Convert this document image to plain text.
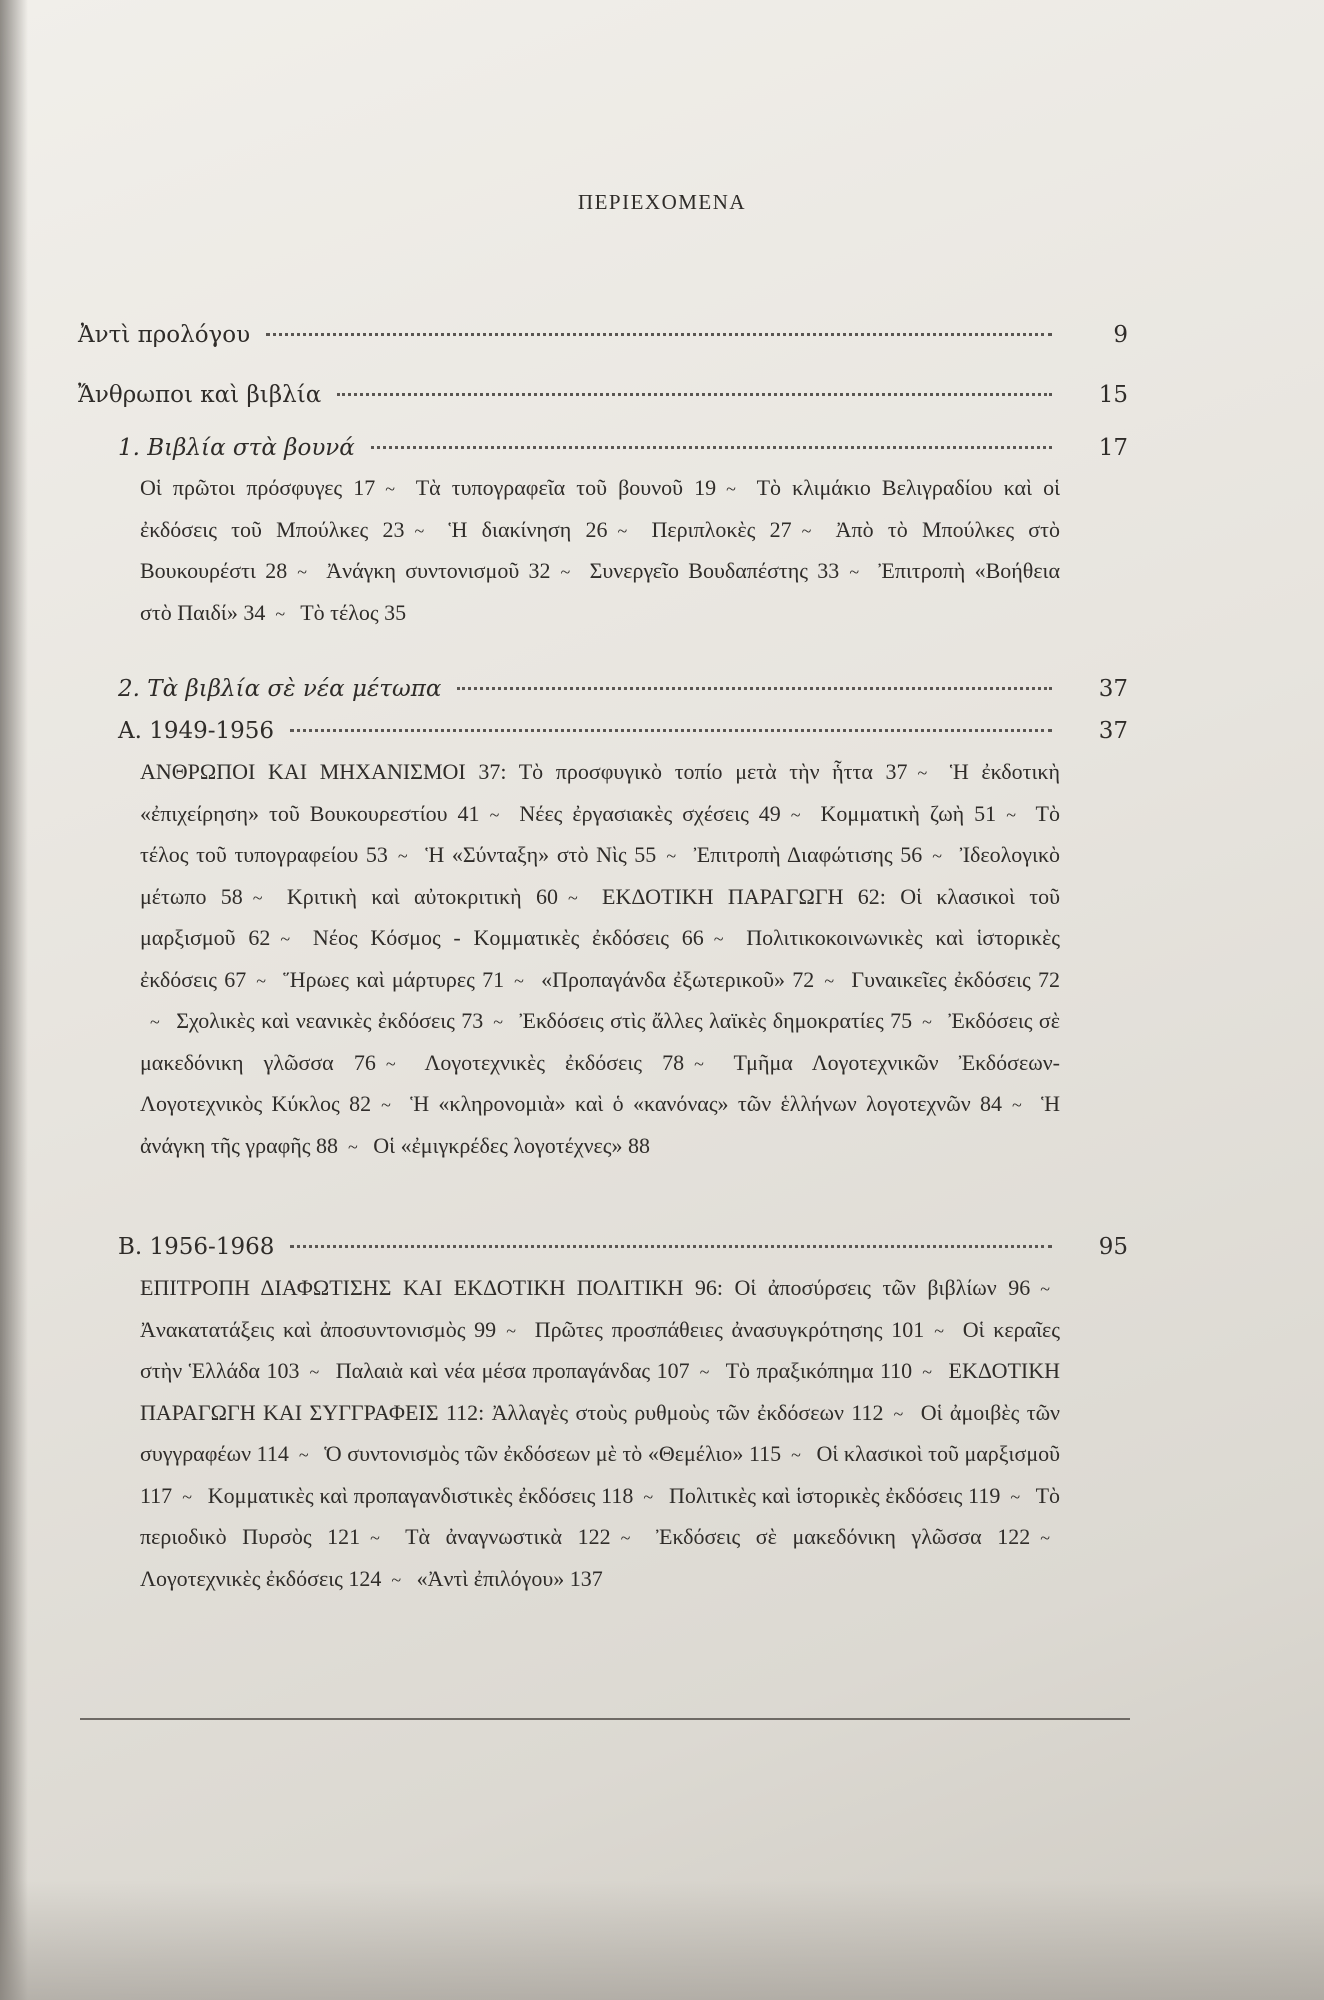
ΠΕΡΙΕΧΟΜΕΝΑ
Ἀντὶ προλόγου	9
Ἄνθρωποι καὶ βιβλία	15
1. Βιβλία στὰ βουνά	17
Οἱ πρῶτοι πρόσφυγες 17 ~ Τὰ τυπογραφεῖα τοῦ βουνοῦ 19 ~ Τὸ κλιμάκιο Βελιγραδίου καὶ οἱ ἐκδόσεις τοῦ Μπούλκες 23 ~ Ἡ διακίνηση 26 ~ Περιπλοκὲς 27 ~ Ἀπὸ τὸ Μπούλκες στὸ Βουκουρέστι 28 ~ Ἀνάγκη συντονισμοῦ 32 ~ Συνεργεῖο Βουδαπέστης 33 ~ Ἐπιτροπὴ «Βοήθεια στὸ Παιδί» 34 ~ Τὸ τέλος 35
2. Τὰ βιβλία σὲ νέα μέτωπα	37
Α. 1949-1956	37
ΑΝΘΡΩΠΟΙ ΚΑΙ ΜΗΧΑΝΙΣΜΟΙ 37: Τὸ προσφυγικὸ τοπίο μετὰ τὴν ἧττα 37 ~ Ἡ ἐκδοτικὴ «ἐπιχείρηση» τοῦ Βουκουρεστίου 41 ~ Νέες ἐργασιακὲς σχέσεις 49 ~ Κομματικὴ ζωὴ 51 ~ Τὸ τέλος τοῦ τυπογραφείου 53 ~ Ἡ «Σύνταξη» στὸ Νὶς 55 ~ Ἐπιτροπὴ Διαφώτισης 56 ~ Ἰδεολογικὸ μέτωπο 58 ~ Κριτικὴ καὶ αὐτοκριτικὴ 60 ~ ΕΚΔΟΤΙΚΗ ΠΑΡΑΓΩΓΗ 62: Οἱ κλασικοὶ τοῦ μαρξισμοῦ 62 ~ Νέος Κόσμος - Κομματικὲς ἐκδόσεις 66 ~ Πολιτικοκοινωνικὲς καὶ ἱστορικὲς ἐκδόσεις 67 ~ Ἥρωες καὶ μάρτυρες 71 ~ «Προπαγάνδα ἐξωτερικοῦ» 72 ~ Γυναικεῖες ἐκδόσεις 72~ Σχολικὲς καὶ νεανικὲς ἐκδόσεις 73 ~ Ἐκδόσεις στὶς ἄλλες λαϊκὲς δημοκρατίες 75 ~ Ἐκδόσεις σὲ μακεδόνικη γλῶσσα 76 ~ Λογοτεχνικὲς ἐκδόσεις 78 ~ Τμῆμα Λογοτεχνικῶν Ἐκδόσεων-Λογοτεχνικὸς Κύκλος 82 ~ Ἡ «κληρονομιὰ» καὶ ὁ «κανόνας» τῶν ἑλλήνων λογοτεχνῶν 84 ~ Ἡ ἀνάγκη τῆς γραφῆς 88 ~ Οἱ «ἐμιγκρέδες λογοτέχνες» 88
Β. 1956-1968	95
ΕΠΙΤΡΟΠΗ ΔΙΑΦΩΤΙΣΗΣ ΚΑΙ ΕΚΔΟΤΙΚΗ ΠΟΛΙΤΙΚΗ 96: Οἱ ἀποσύρσεις τῶν βιβλίων 96 ~ Ἀνακατατάξεις καὶ ἀποσυντονισμὸς 99 ~ Πρῶτες προσπάθειες ἀνασυγκρότησης 101 ~ Οἱ κεραῖες στὴν Ἑλλάδα 103 ~ Παλαιὰ καὶ νέα μέσα προπαγάνδας 107 ~ Τὸ πραξικόπημα 110 ~ ΕΚΔΟΤΙΚΗ ΠΑΡΑΓΩΓΗ ΚΑΙ ΣΥΓΓΡΑΦΕΙΣ 112: Ἀλλαγὲς στοὺς ρυθμοὺς τῶν ἐκδόσεων 112 ~ Οἱ ἀμοιβὲς τῶν συγγραφέων 114 ~ Ὁ συντονισμὸς τῶν ἐκδόσεων μὲ τὸ «Θεμέλιο» 115 ~ Οἱ κλασικοὶ τοῦ μαρξισμοῦ 117 ~ Κομματικὲς καὶ προπαγανδιστικὲς ἐκδόσεις 118 ~ Πολιτικὲς καὶ ἱστορικὲς ἐκδόσεις 119 ~ Τὸ περιοδικὸ Πυρσὸς 121 ~ Τὰ ἀναγνωστικὰ 122 ~ Ἐκδόσεις σὲ μακεδόνικη γλῶσσα 122 ~ Λογοτεχνικὲς ἐκδόσεις 124 ~ «Ἀντὶ ἐπιλόγου» 137
